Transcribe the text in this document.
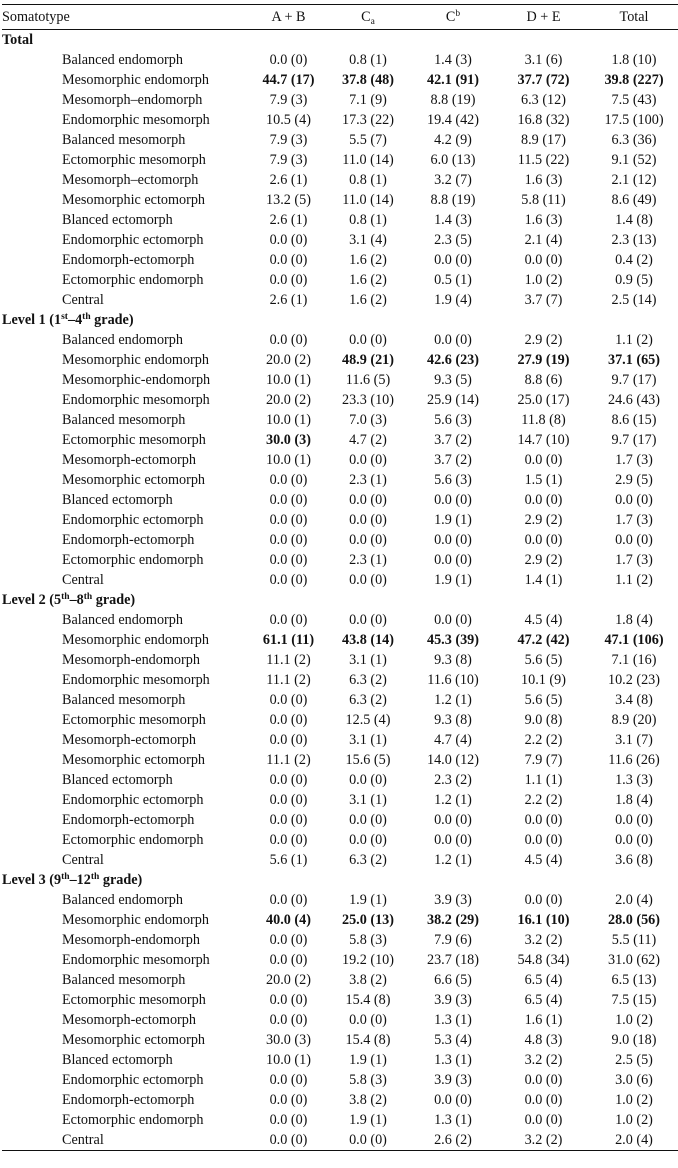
Somatotype	A + B	$C_a$	$C^b$	D + E	Total
Total					
Balanced endomorph	0.0 (0)	0.8 (1)	1.4 (3)	3.1 (6)	1.8 (10)
Mesomorphic endomorph	44.7 (17)	37.8 (48)	42.1 (91)	37.7 (72)	39.8 (227)
Mesomorph–endomorph	7.9 (3)	7.1 (9)	8.8 (19)	6.3 (12)	7.5 (43)
Endomorphic mesomorph	10.5 (4)	17.3 (22)	19.4 (42)	16.8 (32)	17.5 (100)
Balanced mesomorph	7.9 (3)	5.5 (7)	4.2 (9)	8.9 (17)	6.3 (36)
Ectomorphic mesomorph	7.9 (3)	11.0 (14)	6.0 (13)	11.5 (22)	9.1 (52)
Mesomorph–ectomorph	2.6 (1)	0.8 (1)	3.2 (7)	1.6 (3)	2.1 (12)
Mesomorphic ectomorph	13.2 (5)	11.0 (14)	8.8 (19)	5.8 (11)	8.6 (49)
Blanced ectomorph	2.6 (1)	0.8 (1)	1.4 (3)	1.6 (3)	1.4 (8)
Endomorphic ectomorph	0.0 (0)	3.1 (4)	2.3 (5)	2.1 (4)	2.3 (13)
Endomorph-ectomorph	0.0 (0)	1.6 (2)	0.0 (0)	0.0 (0)	0.4 (2)
Ectomorphic endomorph	0.0 (0)	1.6 (2)	0.5 (1)	1.0 (2)	0.9 (5)
Central	2.6 (1)	1.6 (2)	1.9 (4)	3.7 (7)	2.5 (14)
Level 1 (1st–4th grade)					
Balanced endomorph	0.0 (0)	0.0 (0)	0.0 (0)	2.9 (2)	1.1 (2)
Mesomorphic endomorph	20.0 (2)	48.9 (21)	42.6 (23)	27.9 (19)	37.1 (65)
Mesomorphic-endomorph	10.0 (1)	11.6 (5)	9.3 (5)	8.8 (6)	9.7 (17)
Endomorphic mesomorph	20.0 (2)	23.3 (10)	25.9 (14)	25.0 (17)	24.6 (43)
Balanced mesomorph	10.0 (1)	7.0 (3)	5.6 (3)	11.8 (8)	8.6 (15)
Ectomorphic mesomorph	30.0 (3)	4.7 (2)	3.7 (2)	14.7 (10)	9.7 (17)
Mesomorph-ectomorph	10.0 (1)	0.0 (0)	3.7 (2)	0.0 (0)	1.7 (3)
Mesomorphic ectomorph	0.0 (0)	2.3 (1)	5.6 (3)	1.5 (1)	2.9 (5)
Blanced ectomorph	0.0 (0)	0.0 (0)	0.0 (0)	0.0 (0)	0.0 (0)
Endomorphic ectomorph	0.0 (0)	0.0 (0)	1.9 (1)	2.9 (2)	1.7 (3)
Endomorph-ectomorph	0.0 (0)	0.0 (0)	0.0 (0)	0.0 (0)	0.0 (0)
Ectomorphic endomorph	0.0 (0)	2.3 (1)	0.0 (0)	2.9 (2)	1.7 (3)
Central	0.0 (0)	0.0 (0)	1.9 (1)	1.4 (1)	1.1 (2)
Level 2 (5th–8th grade)					
Balanced endomorph	0.0 (0)	0.0 (0)	0.0 (0)	4.5 (4)	1.8 (4)
Mesomorphic endomorph	61.1 (11)	43.8 (14)	45.3 (39)	47.2 (42)	47.1 (106)
Mesomorph-endomorph	11.1 (2)	3.1 (1)	9.3 (8)	5.6 (5)	7.1 (16)
Endomorphic mesomorph	11.1 (2)	6.3 (2)	11.6 (10)	10.1 (9)	10.2 (23)
Balanced mesomorph	0.0 (0)	6.3 (2)	1.2 (1)	5.6 (5)	3.4 (8)
Ectomorphic mesomorph	0.0 (0)	12.5 (4)	9.3 (8)	9.0 (8)	8.9 (20)
Mesomorph-ectomorph	0.0 (0)	3.1 (1)	4.7 (4)	2.2 (2)	3.1 (7)
Mesomorphic ectomorph	11.1 (2)	15.6 (5)	14.0 (12)	7.9 (7)	11.6 (26)
Blanced ectomorph	0.0 (0)	0.0 (0)	2.3 (2)	1.1 (1)	1.3 (3)
Endomorphic ectomorph	0.0 (0)	3.1 (1)	1.2 (1)	2.2 (2)	1.8 (4)
Endomorph-ectomorph	0.0 (0)	0.0 (0)	0.0 (0)	0.0 (0)	0.0 (0)
Ectomorphic endomorph	0.0 (0)	0.0 (0)	0.0 (0)	0.0 (0)	0.0 (0)
Central	5.6 (1)	6.3 (2)	1.2 (1)	4.5 (4)	3.6 (8)
Level 3 (9th–12th grade)					
Balanced endomorph	0.0 (0)	1.9 (1)	3.9 (3)	0.0 (0)	2.0 (4)
Mesomorphic endomorph	40.0 (4)	25.0 (13)	38.2 (29)	16.1 (10)	28.0 (56)
Mesomorph-endomorph	0.0 (0)	5.8 (3)	7.9 (6)	3.2 (2)	5.5 (11)
Endomorphic mesomorph	0.0 (0)	19.2 (10)	23.7 (18)	54.8 (34)	31.0 (62)
Balanced mesomorph	20.0 (2)	3.8 (2)	6.6 (5)	6.5 (4)	6.5 (13)
Ectomorphic mesomorph	0.0 (0)	15.4 (8)	3.9 (3)	6.5 (4)	7.5 (15)
Mesomorph-ectomorph	0.0 (0)	0.0 (0)	1.3 (1)	1.6 (1)	1.0 (2)
Mesomorphic ectomorph	30.0 (3)	15.4 (8)	5.3 (4)	4.8 (3)	9.0 (18)
Blanced ectomorph	10.0 (1)	1.9 (1)	1.3 (1)	3.2 (2)	2.5 (5)
Endomorphic ectomorph	0.0 (0)	5.8 (3)	3.9 (3)	0.0 (0)	3.0 (6)
Endomorph-ectomorph	0.0 (0)	3.8 (2)	0.0 (0)	0.0 (0)	1.0 (2)
Ectomorphic endomorph	0.0 (0)	1.9 (1)	1.3 (1)	0.0 (0)	1.0 (2)
Central	0.0 (0)	0.0 (0)	2.6 (2)	3.2 (2)	2.0 (4)
